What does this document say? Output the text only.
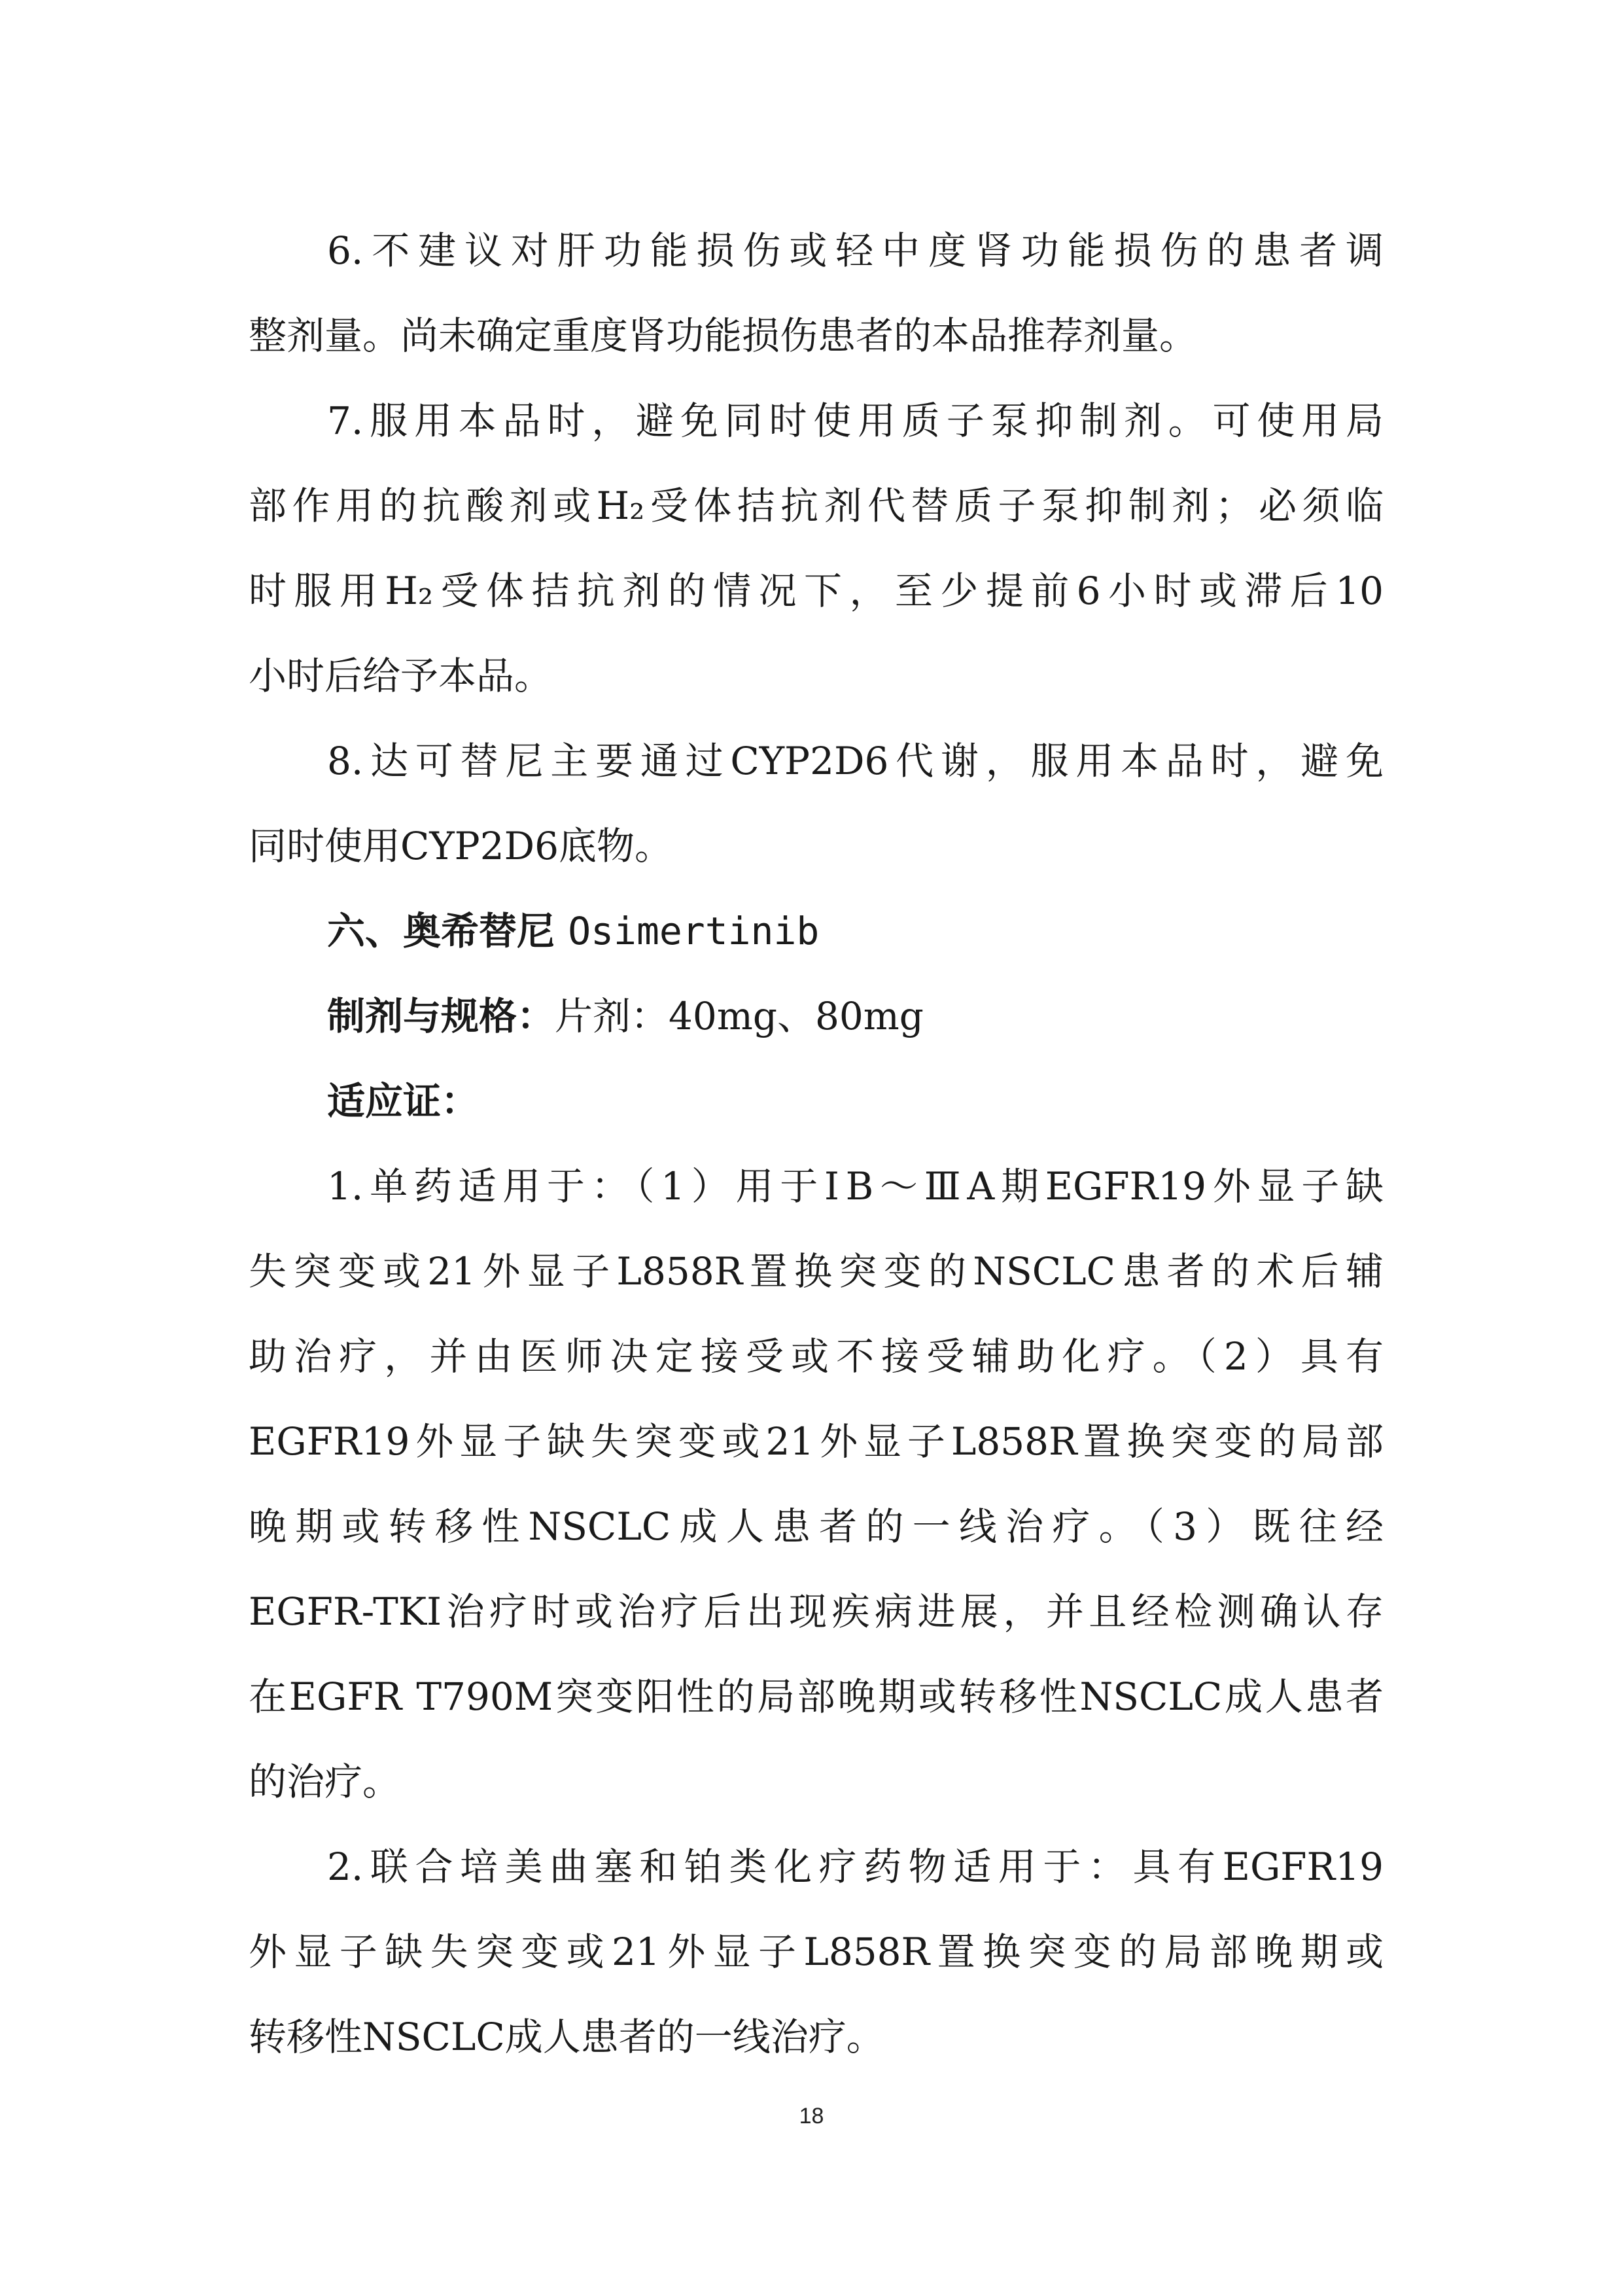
6.不建议对肝功能损伤或轻中度肾功能损伤的患者调
整剂量。尚未确定重度肾功能损伤患者的本品推荐剂量。
7.服用本品时，避免同时使用质子泵抑制剂。可使用局
部作用的抗酸剂或H₂受体拮抗剂代替质子泵抑制剂；必须临
时服用H₂受体拮抗剂的情况下，至少提前6小时或滞后10
小时后给予本品。
8.达可替尼主要通过CYP2D6代谢，服用本品时，避免
同时使用CYP2D6底物。
六、奥希替尼 Osimertinib
制剂与规格：片剂：40mg、80mg
适应证：
1.单药适用于：（1）用于ⅠB～ⅢA期EGFR19外显子缺
失突变或21外显子L858R置换突变的NSCLC患者的术后辅
助治疗，并由医师决定接受或不接受辅助化疗。（2）具有
EGFR19外显子缺失突变或21外显子L858R置换突变的局部
晚期或转移性NSCLC成人患者的一线治疗。（3）既往经
EGFR-TKI治疗时或治疗后出现疾病进展，并且经检测确认存
在EGFR T790M突变阳性的局部晚期或转移性NSCLC成人患者
的治疗。
2.联合培美曲塞和铂类化疗药物适用于：具有EGFR19
外显子缺失突变或21外显子L858R置换突变的局部晚期或
转移性NSCLC成人患者的一线治疗。
18
